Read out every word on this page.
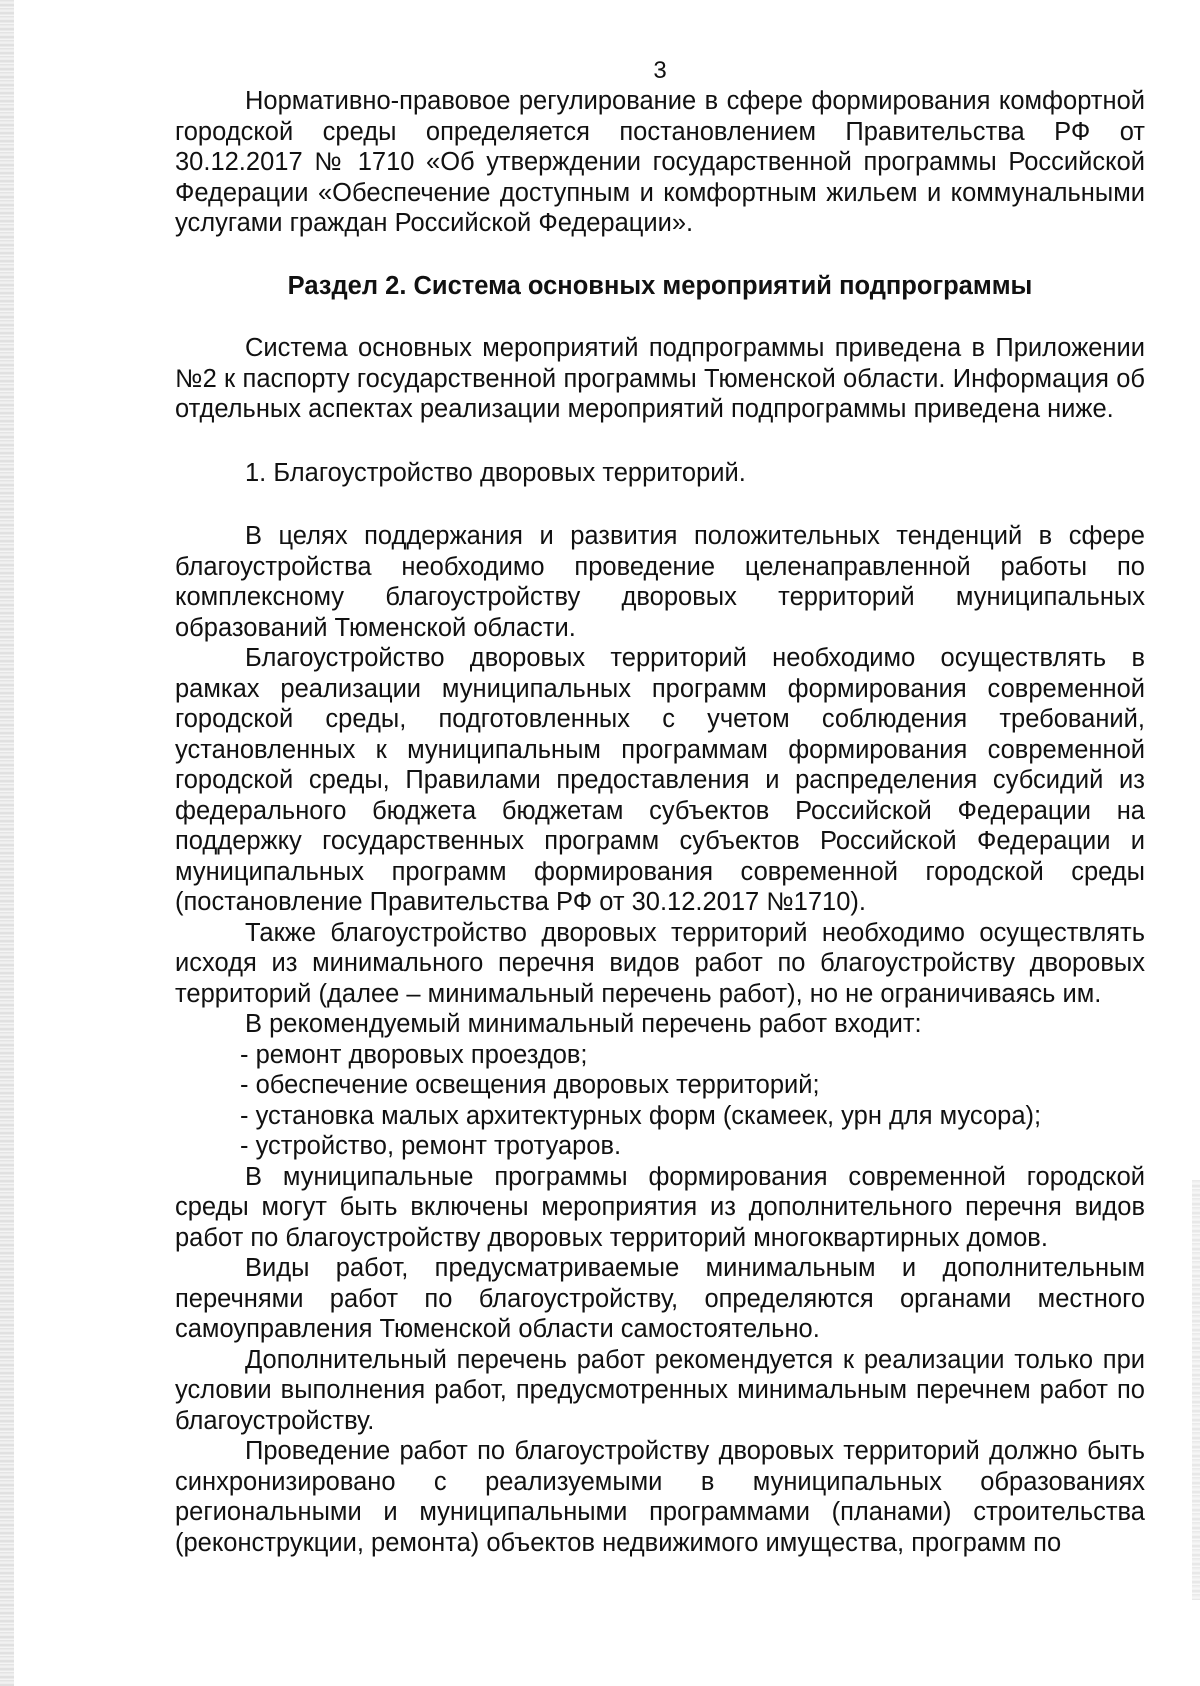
3

Нормативно-правовое регулирование в сфере формирования комфортной городской среды определяется постановлением Правительства РФ от 30.12.2017 № 1710 «Об утверждении государственной программы Российской Федерации «Обеспечение доступным и комфортным жильем и коммунальными услугами граждан Российской Федерации».

Раздел 2. Система основных мероприятий подпрограммы

Система основных мероприятий подпрограммы приведена в Приложении №2 к паспорту государственной программы Тюменской области. Информация об отдельных аспектах реализации мероприятий подпрограммы приведена ниже.

1. Благоустройство дворовых территорий.

В целях поддержания и развития положительных тенденций в сфере благоустройства необходимо проведение целенаправленной работы по комплексному благоустройству дворовых территорий муниципальных образований Тюменской области.

Благоустройство дворовых территорий необходимо осуществлять в рамках реализации муниципальных программ формирования современной городской среды, подготовленных с учетом соблюдения требований, установленных к муниципальным программам формирования современной городской среды, Правилами предоставления и распределения субсидий из федерального бюджета бюджетам субъектов Российской Федерации на поддержку государственных программ субъектов Российской Федерации и муниципальных программ формирования современной городской среды (постановление Правительства РФ от 30.12.2017 №1710).

Также благоустройство дворовых территорий необходимо осуществлять исходя из минимального перечня видов работ по благоустройству дворовых территорий (далее – минимальный перечень работ), но не ограничиваясь им.

В рекомендуемый минимальный перечень работ входит:

- ремонт дворовых проездов;

- обеспечение освещения дворовых территорий;

- установка малых архитектурных форм (скамеек, урн для мусора);

- устройство, ремонт тротуаров.

В муниципальные программы формирования современной городской среды могут быть включены мероприятия из дополнительного перечня видов работ по благоустройству дворовых территорий многоквартирных домов.

Виды работ, предусматриваемые минимальным и дополнительным перечнями работ по благоустройству, определяются органами местного самоуправления Тюменской области самостоятельно.

Дополнительный перечень работ рекомендуется к реализации только при условии выполнения работ, предусмотренных минимальным перечнем работ по благоустройству.

Проведение работ по благоустройству дворовых территорий должно быть синхронизировано с реализуемыми в муниципальных образованиях региональными и муниципальными программами (планами) строительства (реконструкции, ремонта) объектов недвижимого имущества, программ по
